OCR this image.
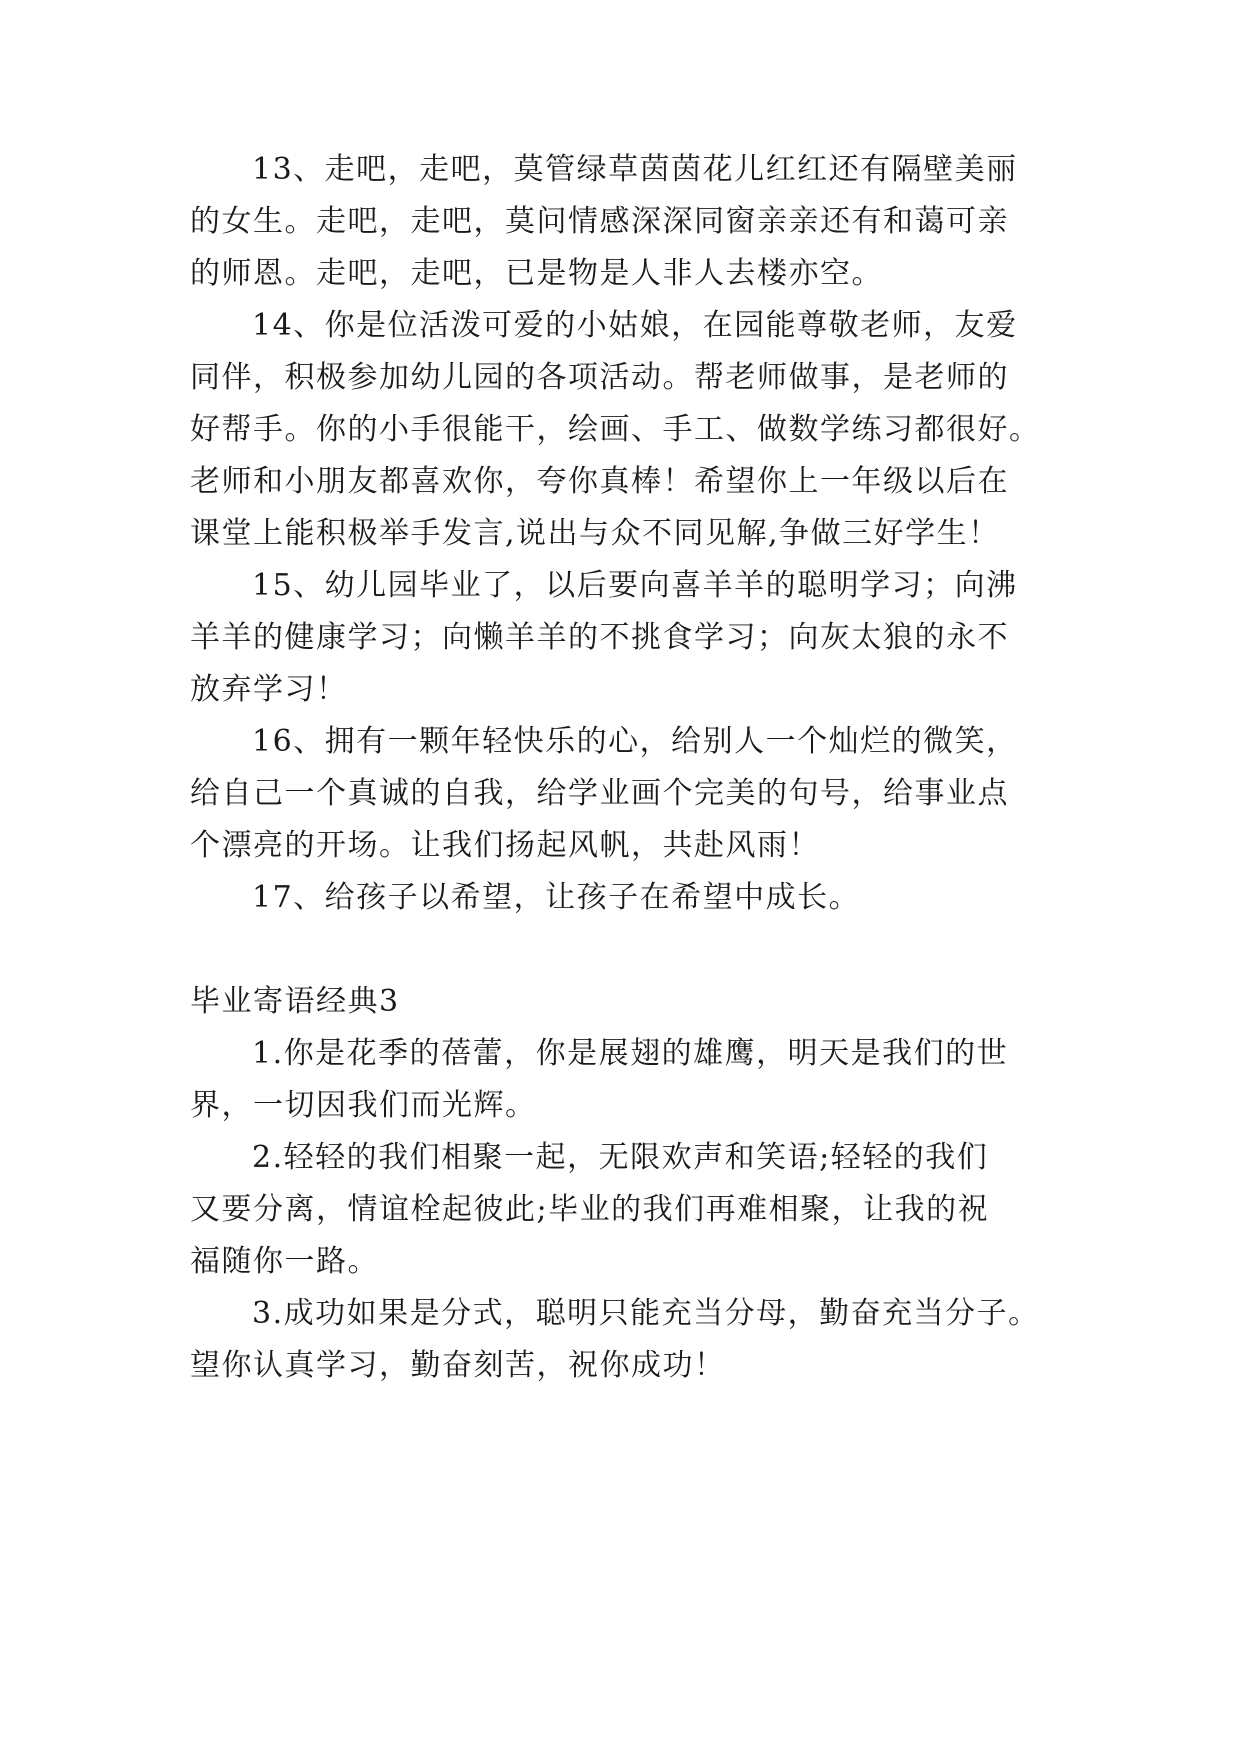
13、走吧，走吧，莫管绿草茵茵花儿红红还有隔壁美丽
的女生。走吧，走吧，莫问情感深深同窗亲亲还有和蔼可亲
的师恩。走吧，走吧，已是物是人非人去楼亦空。
14、你是位活泼可爱的小姑娘，在园能尊敬老师，友爱
同伴，积极参加幼儿园的各项活动。帮老师做事，是老师的
好帮手。你的小手很能干，绘画、手工、做数学练习都很好。
老师和小朋友都喜欢你，夸你真棒！希望你上一年级以后在
课堂上能积极举手发言,说出与众不同见解,争做三好学生！
15、幼儿园毕业了，以后要向喜羊羊的聪明学习；向沸
羊羊的健康学习；向懒羊羊的不挑食学习；向灰太狼的永不
放弃学习！
16、拥有一颗年轻快乐的心，给别人一个灿烂的微笑，
给自己一个真诚的自我，给学业画个完美的句号，给事业点
个漂亮的开场。让我们扬起风帆，共赴风雨！
17、给孩子以希望，让孩子在希望中成长。
毕业寄语经典3
1.你是花季的蓓蕾，你是展翅的雄鹰，明天是我们的世
界，一切因我们而光辉。
2.轻轻的我们相聚一起，无限欢声和笑语;轻轻的我们
又要分离，情谊栓起彼此;毕业的我们再难相聚，让我的祝
福随你一路。
3.成功如果是分式，聪明只能充当分母，勤奋充当分子。
望你认真学习，勤奋刻苦，祝你成功！
